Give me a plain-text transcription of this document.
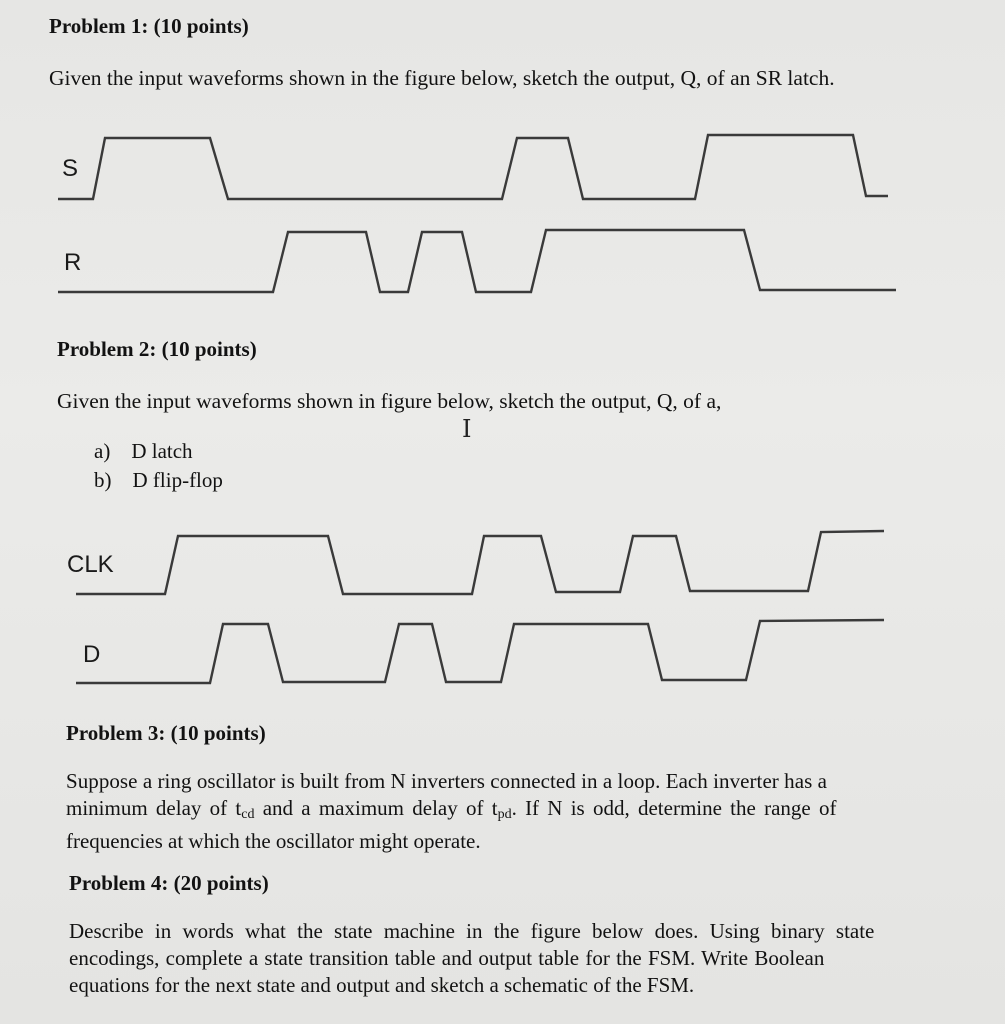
Problem 1: (10 points)

Given the input waveforms shown in the figure below, sketch the output, Q, of an SR latch.

S
R

Problem 2: (10 points)

Given the input waveforms shown in figure below, sketch the output, Q, of a,

I

a) D latch

b) D flip-flop

CLK
D

Problem 3: (10 points)

Suppose a ring oscillator is built from N inverters connected in a loop. Each inverter has a
minimum delay of tcd and a maximum delay of tpd. If N is odd, determine the range of
frequencies at which the oscillator might operate.

Problem 4: (20 points)

Describe in words what the state machine in the figure below does. Using binary state
encodings, complete a state transition table and output table for the FSM. Write Boolean
equations for the next state and output and sketch a schematic of the FSM.
